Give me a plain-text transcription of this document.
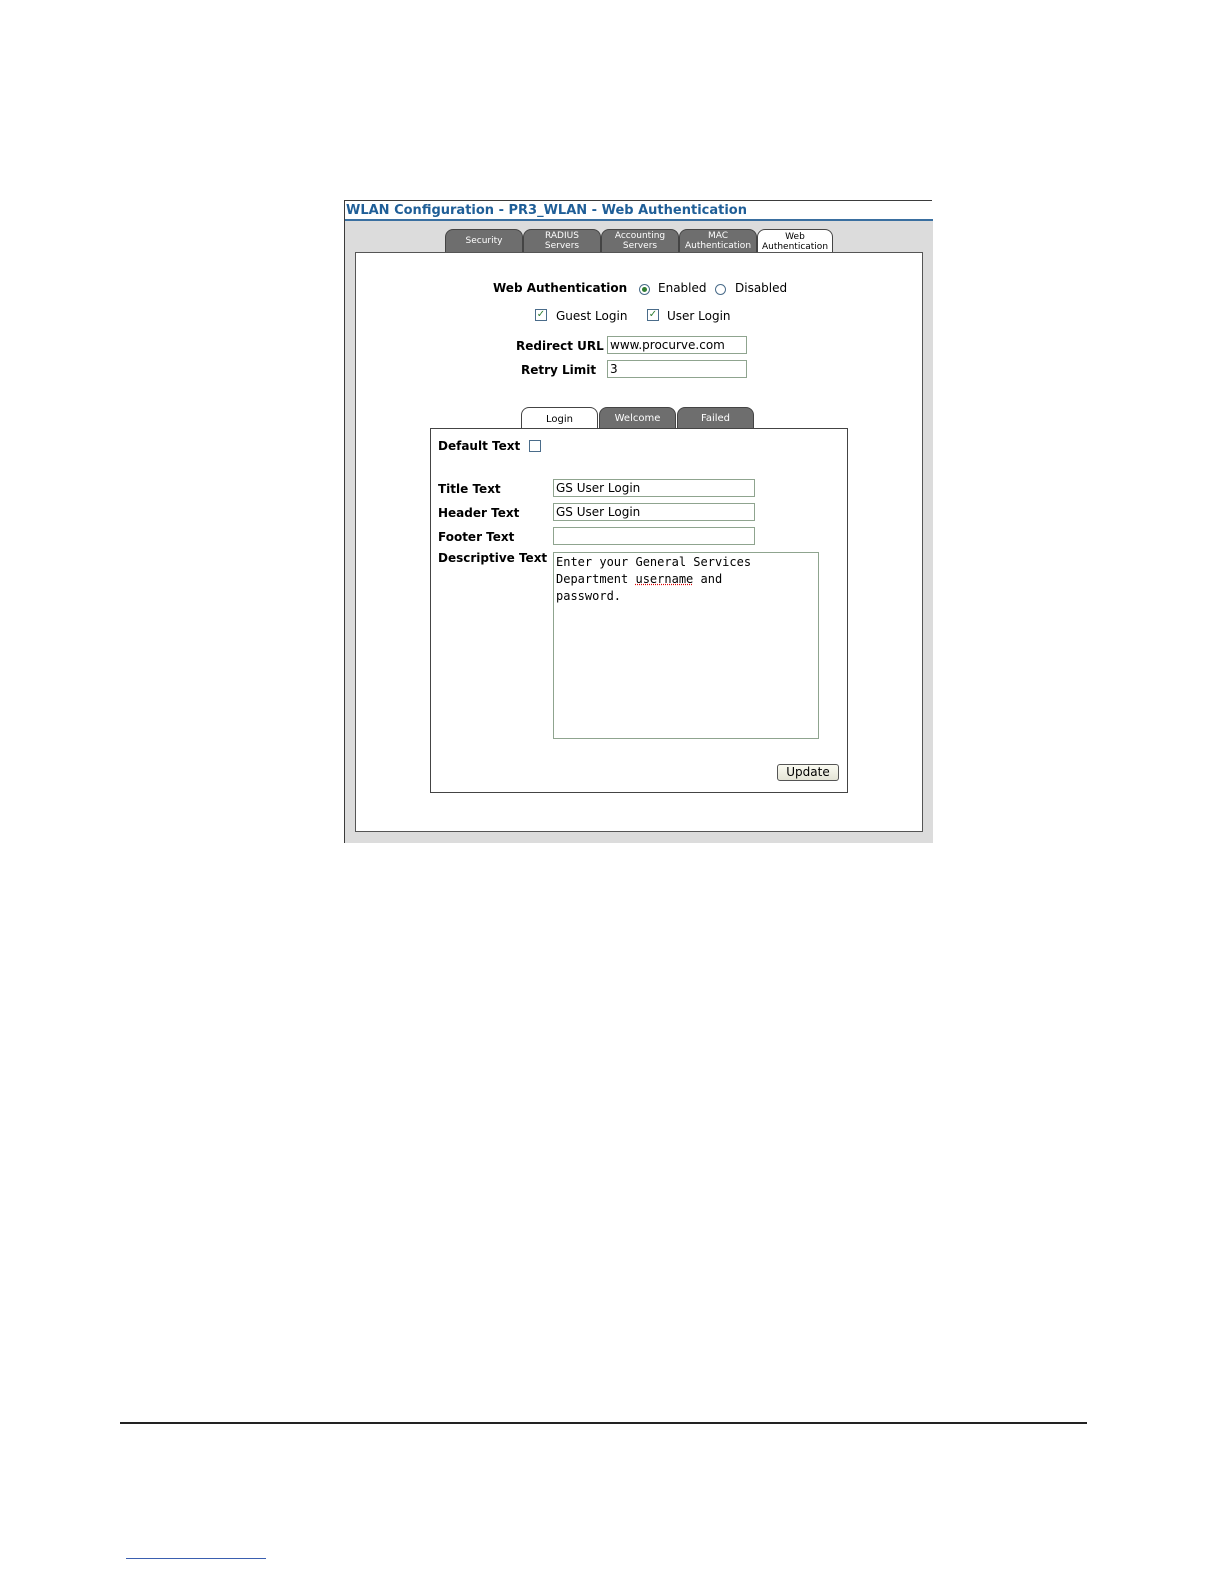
WLAN Configuration - PR3_WLAN - Web Authentication
Security	RADIUS
Servers
Accounting
Servers
MAC
Authentication
Web
Authentication
Web Authentication	Enabled Disabled
✓ Guest Login ✓ User Login
Redirect URL www.procurve.com
Retry Limit 3
Login	Welcome	Failed
Default Text
Title Text	GS User Login
Header Text	GS User Login
Footer Text
Descriptive Text Enter your General Services
Department username and
password.
Update
